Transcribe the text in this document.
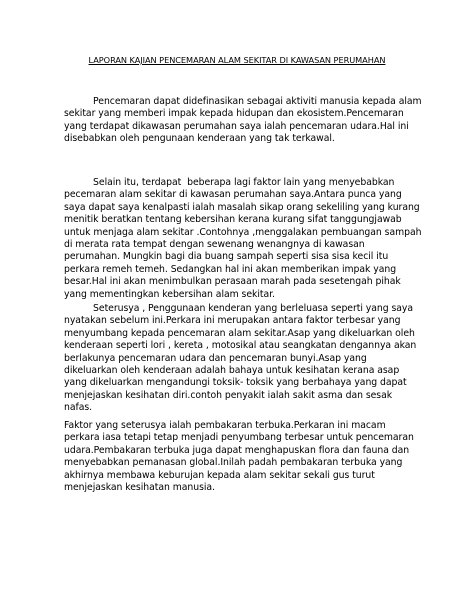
LAPORAN KAJIAN PENCEMARAN ALAM SEKITAR DI KAWASAN PERUMAHAN

Pencemaran dapat didefinasikan sebagai aktiviti manusia kepada alam
sekitar yang memberi impak kepada hidupan dan ekosistem.Pencemaran
yang terdapat dikawasan perumahan saya ialah pencemaran udara.Hal ini
disebabkan oleh pengunaan kenderaan yang tak terkawal.

Selain itu, terdapat  beberapa lagi faktor lain yang menyebabkan
pecemaran alam sekitar di kawasan perumahan saya.Antara punca yang
saya dapat saya kenalpasti ialah masalah sikap orang sekeliling yang kurang
menitik beratkan tentang kebersihan kerana kurang sifat tanggungjawab
untuk menjaga alam sekitar .Contohnya ,menggalakan pembuangan sampah
di merata rata tempat dengan sewenang wenangnya di kawasan
perumahan. Mungkin bagi dia buang sampah seperti sisa sisa kecil itu
perkara remeh temeh. Sedangkan hal ini akan memberikan impak yang
besar.Hal ini akan menimbulkan perasaan marah pada sesetengah pihak
yang mementingkan kebersihan alam sekitar.

Seterusya , Penggunaan kenderan yang berleluasa seperti yang saya
nyatakan sebelum ini.Perkara ini merupakan antara faktor terbesar yang
menyumbang kepada pencemaran alam sekitar.Asap yang dikeluarkan oleh
kenderaan seperti lori , kereta , motosikal atau seangkatan dengannya akan
berlakunya pencemaran udara dan pencemaran bunyi.Asap yang
dikeluarkan oleh kenderaan adalah bahaya untuk kesihatan kerana asap
yang dikeluarkan mengandungi toksik- toksik yang berbahaya yang dapat
menjejaskan kesihatan diri.contoh penyakit ialah sakit asma dan sesak
nafas.

Faktor yang seterusya ialah pembakaran terbuka.Perkaran ini macam
perkara iasa tetapi tetap menjadi penyumbang terbesar untuk pencemaran
udara.Pembakaran terbuka juga dapat menghapuskan flora dan fauna dan
menyebabkan pemanasan global.Inilah padah pembakaran terbuka yang
akhirnya membawa keburujan kepada alam sekitar sekali gus turut
menjejaskan kesihatan manusia.
